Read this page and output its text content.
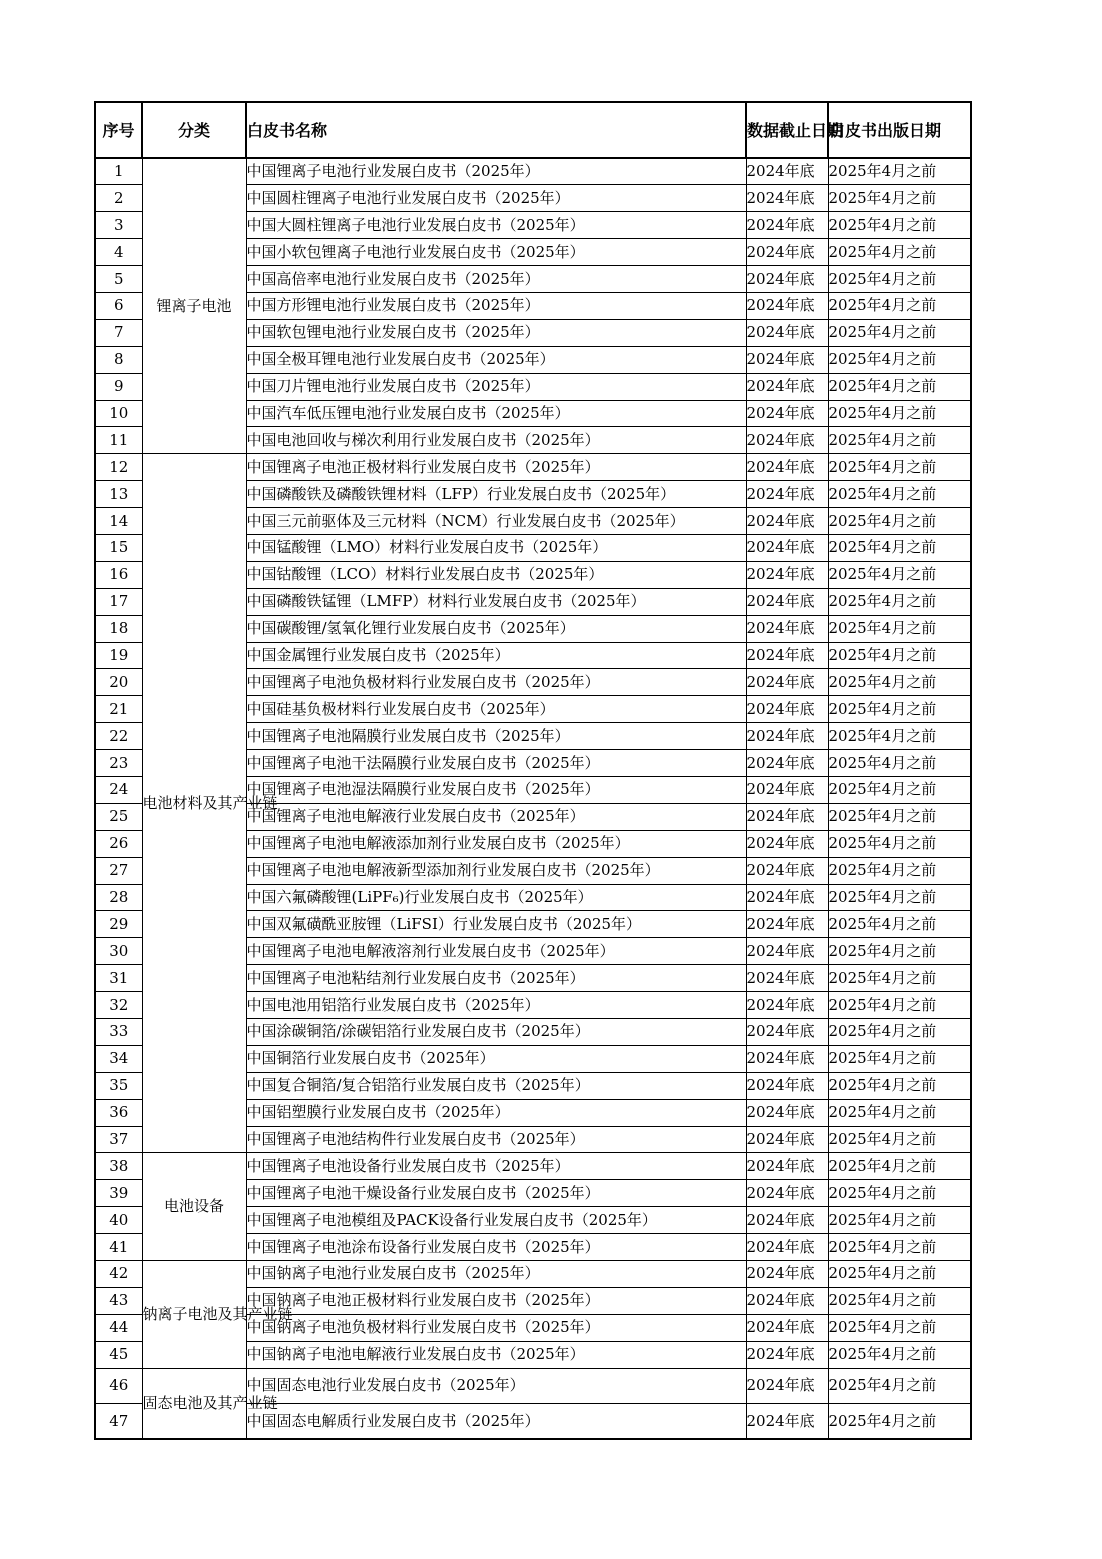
序号	分类	白皮书名称	数据截止日期	白皮书出版日期
1	锂离子电池	中国锂离子电池行业发展白皮书（2025年）	2024年底	2025年4月之前
2		中国圆柱锂离子电池行业发展白皮书（2025年）	2024年底	2025年4月之前
3		中国大圆柱锂离子电池行业发展白皮书（2025年）	2024年底	2025年4月之前
4		中国小软包锂离子电池行业发展白皮书（2025年）	2024年底	2025年4月之前
5		中国高倍率电池行业发展白皮书（2025年）	2024年底	2025年4月之前
6		中国方形锂电池行业发展白皮书（2025年）	2024年底	2025年4月之前
7		中国软包锂电池行业发展白皮书（2025年）	2024年底	2025年4月之前
8		中国全极耳锂电池行业发展白皮书（2025年）	2024年底	2025年4月之前
9		中国刀片锂电池行业发展白皮书（2025年）	2024年底	2025年4月之前
10		中国汽车低压锂电池行业发展白皮书（2025年）	2024年底	2025年4月之前
11		中国电池回收与梯次利用行业发展白皮书（2025年）	2024年底	2025年4月之前
12	电池材料及其产业链	中国锂离子电池正极材料行业发展白皮书（2025年）	2024年底	2025年4月之前
13		中国磷酸铁及磷酸铁锂材料（LFP）行业发展白皮书（2025年）	2024年底	2025年4月之前
14		中国三元前驱体及三元材料（NCM）行业发展白皮书（2025年）	2024年底	2025年4月之前
15		中国锰酸锂（LMO）材料行业发展白皮书（2025年）	2024年底	2025年4月之前
16		中国钴酸锂（LCO）材料行业发展白皮书（2025年）	2024年底	2025年4月之前
17		中国磷酸铁锰锂（LMFP）材料行业发展白皮书（2025年）	2024年底	2025年4月之前
18		中国碳酸锂/氢氧化锂行业发展白皮书（2025年）	2024年底	2025年4月之前
19		中国金属锂行业发展白皮书（2025年）	2024年底	2025年4月之前
20		中国锂离子电池负极材料行业发展白皮书（2025年）	2024年底	2025年4月之前
21		中国硅基负极材料行业发展白皮书（2025年）	2024年底	2025年4月之前
22		中国锂离子电池隔膜行业发展白皮书（2025年）	2024年底	2025年4月之前
23		中国锂离子电池干法隔膜行业发展白皮书（2025年）	2024年底	2025年4月之前
24		中国锂离子电池湿法隔膜行业发展白皮书（2025年）	2024年底	2025年4月之前
25		中国锂离子电池电解液行业发展白皮书（2025年）	2024年底	2025年4月之前
26		中国锂离子电池电解液添加剂行业发展白皮书（2025年）	2024年底	2025年4月之前
27		中国锂离子电池电解液新型添加剂行业发展白皮书（2025年）	2024年底	2025年4月之前
28		中国六氟磷酸锂(LiPF₆)行业发展白皮书（2025年）	2024年底	2025年4月之前
29		中国双氟磺酰亚胺锂（LiFSI）行业发展白皮书（2025年）	2024年底	2025年4月之前
30		中国锂离子电池电解液溶剂行业发展白皮书（2025年）	2024年底	2025年4月之前
31		中国锂离子电池粘结剂行业发展白皮书（2025年）	2024年底	2025年4月之前
32		中国电池用铝箔行业发展白皮书（2025年）	2024年底	2025年4月之前
33		中国涂碳铜箔/涂碳铝箔行业发展白皮书（2025年）	2024年底	2025年4月之前
34		中国铜箔行业发展白皮书（2025年）	2024年底	2025年4月之前
35		中国复合铜箔/复合铝箔行业发展白皮书（2025年）	2024年底	2025年4月之前
36		中国铝塑膜行业发展白皮书（2025年）	2024年底	2025年4月之前
37		中国锂离子电池结构件行业发展白皮书（2025年）	2024年底	2025年4月之前
38	电池设备	中国锂离子电池设备行业发展白皮书（2025年）	2024年底	2025年4月之前
39		中国锂离子电池干燥设备行业发展白皮书（2025年）	2024年底	2025年4月之前
40		中国锂离子电池模组及PACK设备行业发展白皮书（2025年）	2024年底	2025年4月之前
41		中国锂离子电池涂布设备行业发展白皮书（2025年）	2024年底	2025年4月之前
42	钠离子电池及其产业链	中国钠离子电池行业发展白皮书（2025年）	2024年底	2025年4月之前
43		中国钠离子电池正极材料行业发展白皮书（2025年）	2024年底	2025年4月之前
44		中国钠离子电池负极材料行业发展白皮书（2025年）	2024年底	2025年4月之前
45		中国钠离子电池电解液行业发展白皮书（2025年）	2024年底	2025年4月之前
46	固态电池及其产业链	中国固态电池行业发展白皮书（2025年）	2024年底	2025年4月之前
47		中国固态电解质行业发展白皮书（2025年）	2024年底	2025年4月之前
